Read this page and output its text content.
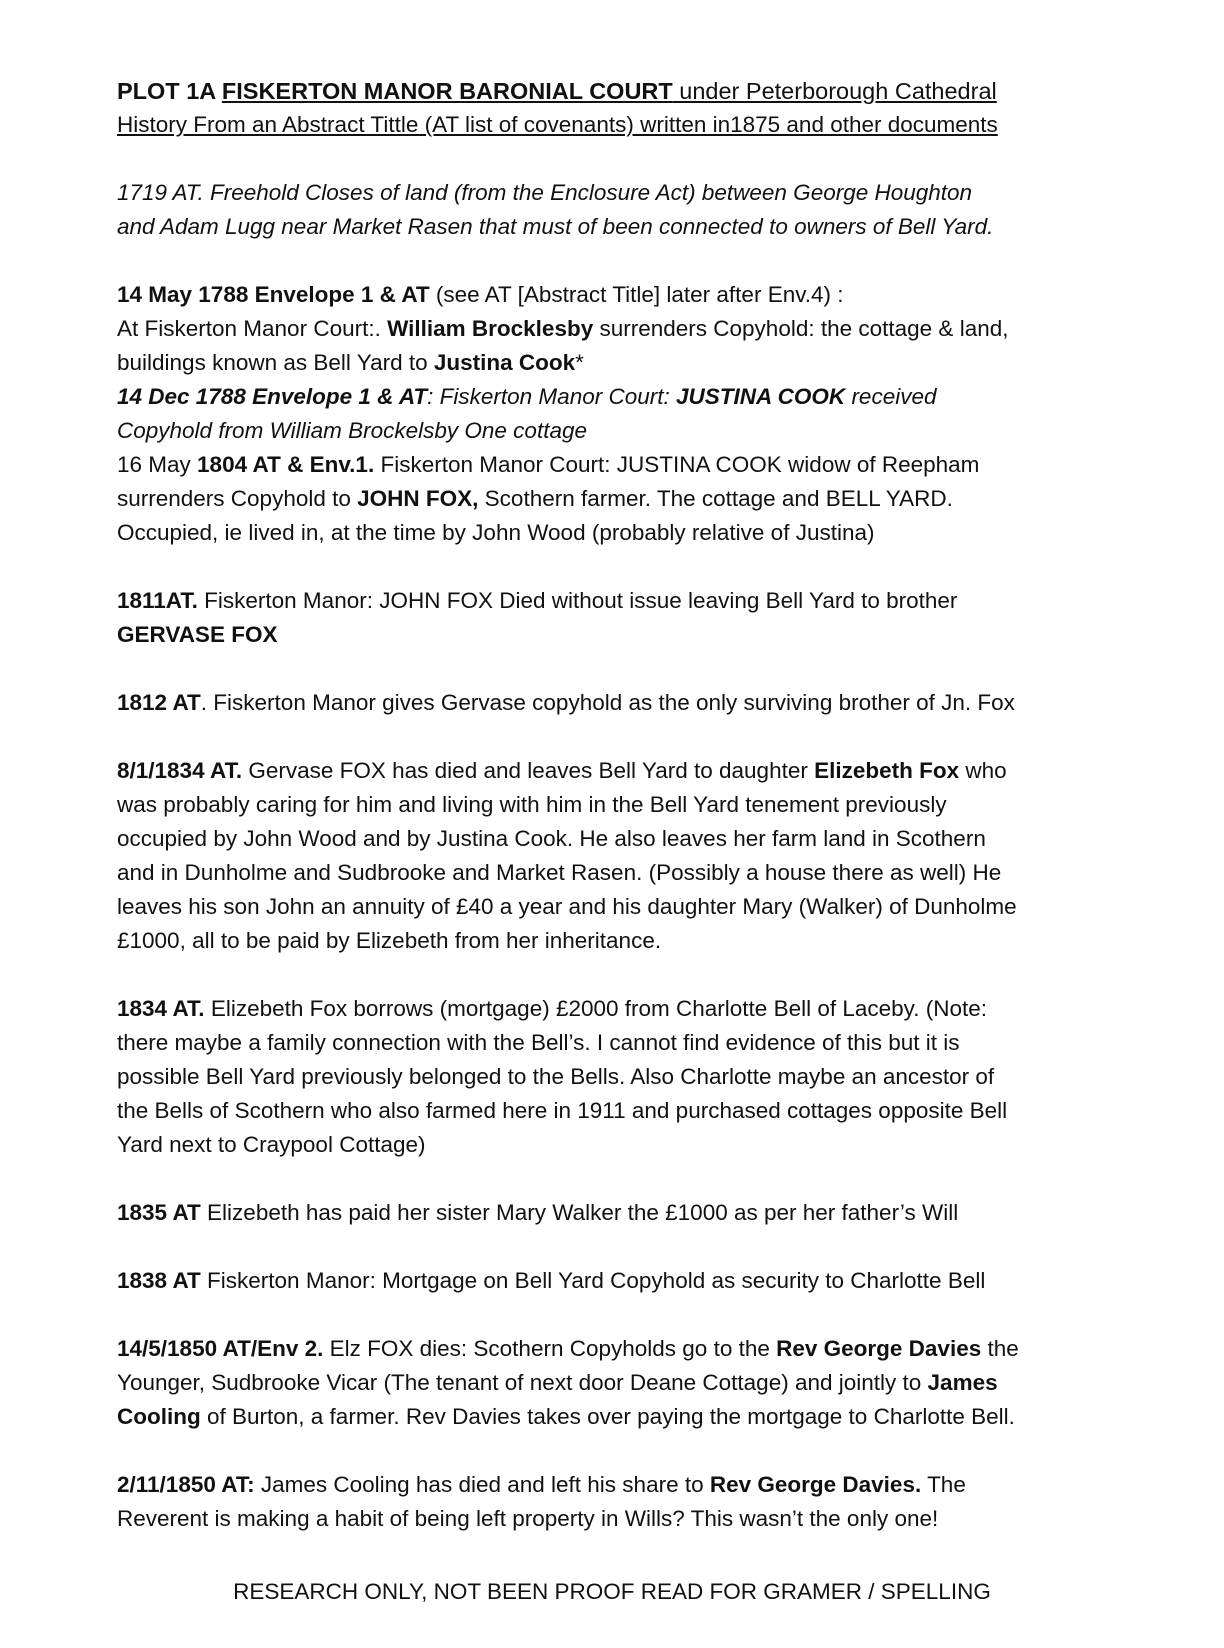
PLOT 1A FISKERTON MANOR BARONIAL COURT under Peterborough Cathedral
History From an Abstract Tittle (AT list of covenants) written in1875 and other documents
1719 AT. Freehold Closes of land (from the Enclosure Act) between George Houghton
and Adam Lugg near Market Rasen that must of been connected to owners of Bell Yard.
14 May 1788 Envelope 1 & AT (see AT [Abstract Title] later after Env.4) :
At Fiskerton Manor Court:. William Brocklesby surrenders Copyhold: the cottage & land,
buildings known as Bell Yard to Justina Cook*
14 Dec 1788 Envelope 1 & AT: Fiskerton Manor Court: JUSTINA COOK received
Copyhold from William Brockelsby One cottage
16 May 1804 AT & Env.1. Fiskerton Manor Court: JUSTINA COOK widow of Reepham
surrenders Copyhold to JOHN FOX, Scothern farmer. The cottage and BELL YARD.
Occupied, ie lived in, at the time by John Wood (probably relative of Justina)
1811AT. Fiskerton Manor: JOHN FOX Died without issue leaving Bell Yard to brother
GERVASE FOX
1812 AT. Fiskerton Manor gives Gervase copyhold as the only surviving brother of Jn. Fox
8/1/1834 AT. Gervase FOX has died and leaves Bell Yard to daughter Elizebeth Fox who
was probably caring for him and living with him in the Bell Yard tenement previously
occupied by John Wood and by Justina Cook. He also leaves her farm land in Scothern
and in Dunholme and Sudbrooke and Market Rasen. (Possibly a house there as well) He
leaves his son John an annuity of £40 a year and his daughter Mary (Walker) of Dunholme
£1000, all to be paid by Elizebeth from her inheritance.
1834 AT. Elizebeth Fox borrows (mortgage) £2000 from Charlotte Bell of Laceby. (Note:
there maybe a family connection with the Bell’s. I cannot find evidence of this but it is
possible Bell Yard previously belonged to the Bells. Also Charlotte maybe an ancestor of
the Bells of Scothern who also farmed here in 1911 and purchased cottages opposite Bell
Yard next to Craypool Cottage)
1835 AT Elizebeth has paid her sister Mary Walker the £1000 as per her father’s Will
1838 AT Fiskerton Manor: Mortgage on Bell Yard Copyhold as security to Charlotte Bell
14/5/1850 AT/Env 2. Elz FOX dies: Scothern Copyholds go to the Rev George Davies the
Younger, Sudbrooke Vicar (The tenant of next door Deane Cottage) and jointly to James
Cooling of Burton, a farmer. Rev Davies takes over paying the mortgage to Charlotte Bell.
2/11/1850 AT: James Cooling has died and left his share to Rev George Davies. The
Reverent is making a habit of being left property in Wills? This wasn’t the only one!
RESEARCH ONLY, NOT BEEN PROOF READ FOR GRAMER / SPELLING
